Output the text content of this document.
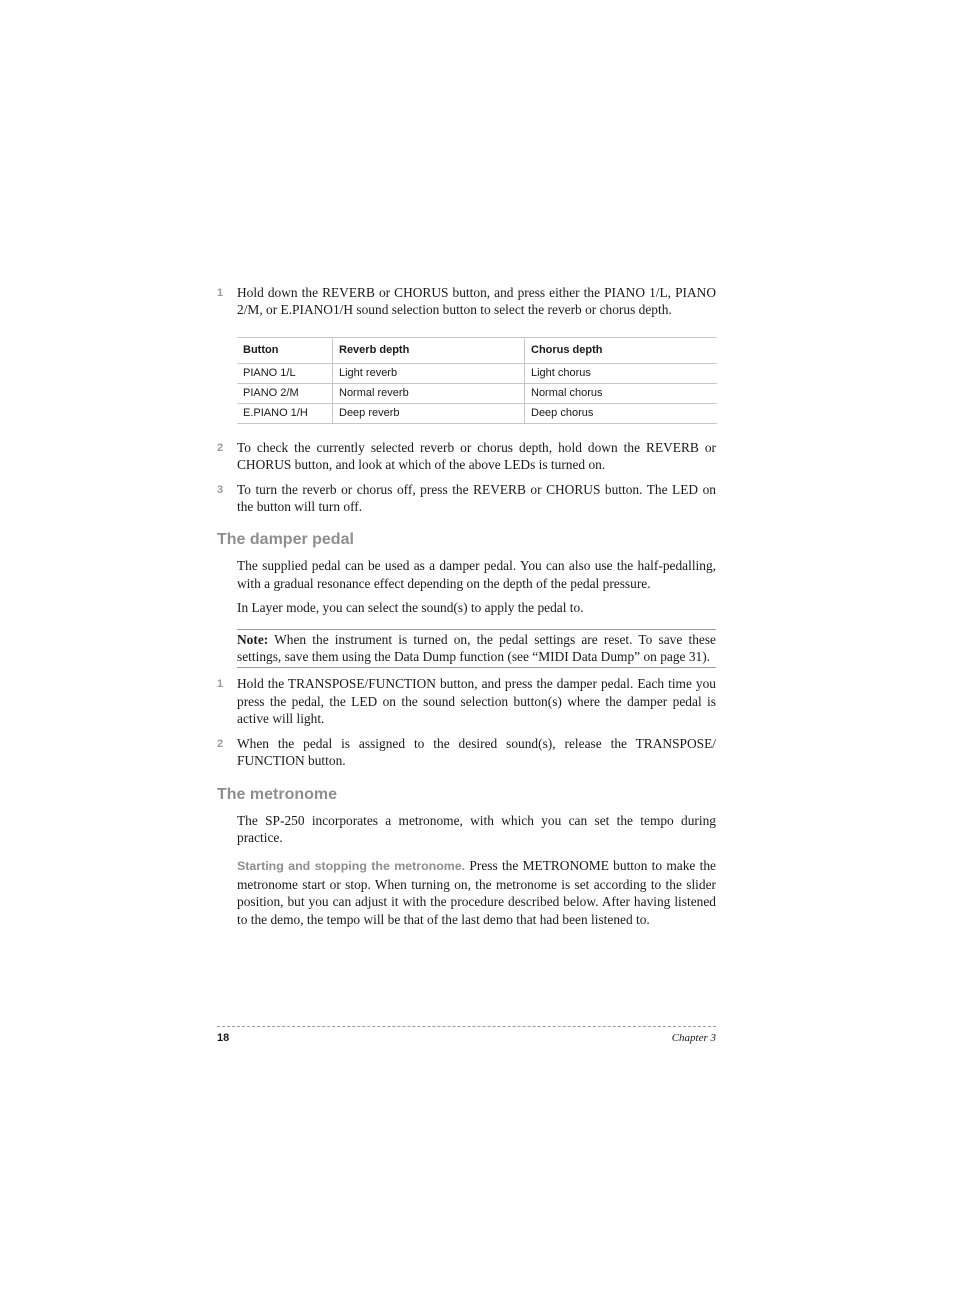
1 Hold down the REVERB or CHORUS button, and press either the PIANO 1/L, PIANO 2/M, or E.PIANO1/H sound selection button to select the reverb or chorus depth.

Button	Reverb depth	Chorus depth
PIANO 1/L	Light reverb	Light chorus
PIANO 2/M	Normal reverb	Normal chorus
E.PIANO 1/H	Deep reverb	Deep chorus

2 To check the currently selected reverb or chorus depth, hold down the REVERB or CHORUS button, and look at which of the above LEDs is turned on.

3 To turn the reverb or chorus off, press the REVERB or CHORUS button. The LED on the button will turn off.

The damper pedal

The supplied pedal can be used as a damper pedal. You can also use the half-pedalling, with a gradual resonance effect depending on the depth of the pedal pressure.

In Layer mode, you can select the sound(s) to apply the pedal to.

Note: When the instrument is turned on, the pedal settings are reset. To save these settings, save them using the Data Dump function (see “MIDI Data Dump” on page 31).

1 Hold the TRANSPOSE/FUNCTION button, and press the damper pedal. Each time you press the pedal, the LED on the sound selection button(s) where the damper pedal is active will light.

2 When the pedal is assigned to the desired sound(s), release the TRANSPOSE/ FUNCTION button.

The metronome

The SP-250 incorporates a metronome, with which you can set the tempo during practice.

Starting and stopping the metronome. Press the METRONOME button to make the metronome start or stop. When turning on, the metronome is set according to the slider position, but you can adjust it with the procedure described below. After having listened to the demo, the tempo will be that of the last demo that had been listened to.

18	Chapter 3
